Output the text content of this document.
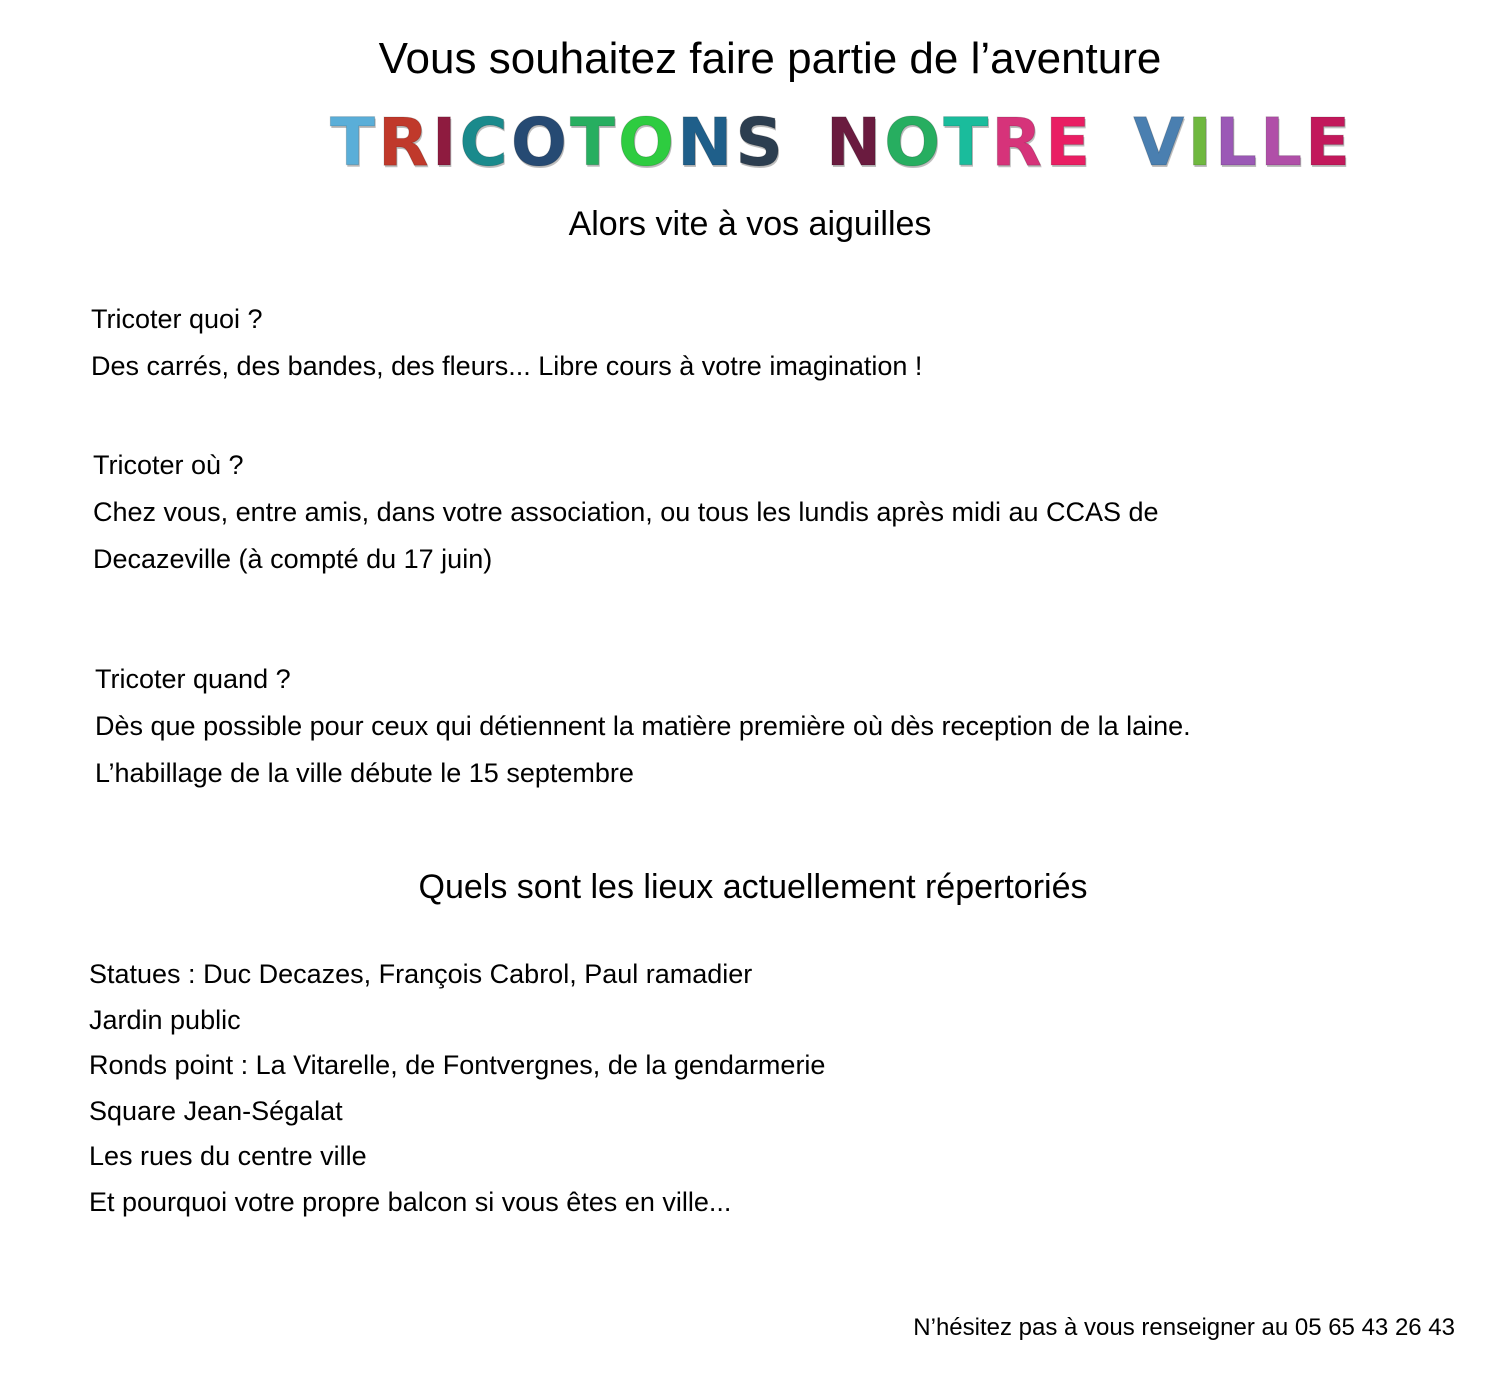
Vous souhaitez faire partie de l’aventure
TRICOTONS NOTRE VILLE
Alors vite à vos aiguilles
Tricoter quoi ?
Des carrés, des bandes, des fleurs... Libre cours à votre imagination !
Tricoter où ?
Chez vous, entre amis, dans votre association, ou tous les lundis après midi au CCAS de
Decazeville (à compté du 17 juin)
Tricoter quand ?
Dès que possible pour ceux qui détiennent la matière première où dès reception de la laine.
L’habillage de la ville débute le 15 septembre
Quels sont les lieux actuellement répertoriés
Statues : Duc Decazes, François Cabrol, Paul ramadier
Jardin public
Ronds point : La Vitarelle, de Fontvergnes, de la gendarmerie
Square Jean-Ségalat
Les rues du centre ville
Et pourquoi votre propre balcon si vous êtes en ville...
N’hésitez pas à vous renseigner au 05 65 43 26 43
